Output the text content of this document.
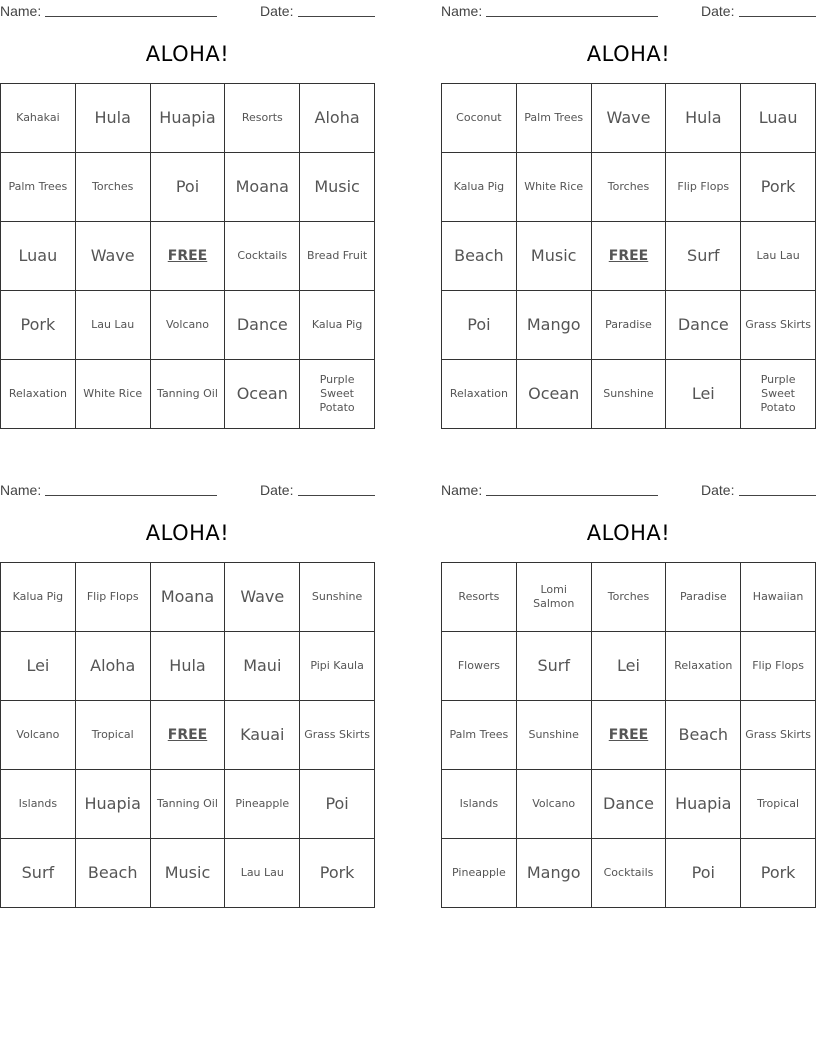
Name:	Date:
ALOHA!
Kahakai	Hula	Huapia	Resorts	Aloha
Palm Trees	Torches	Poi	Moana	Music
Luau	Wave	FREE	Cocktails	Bread Fruit
Pork	Lau Lau	Volcano	Dance	Kalua Pig
Relaxation	White Rice	Tanning Oil	Ocean	Purple Sweet Potato
Name:	Date:
ALOHA!
Coconut	Palm Trees	Wave	Hula	Luau
Kalua Pig	White Rice	Torches	Flip Flops	Pork
Beach	Music	FREE	Surf	Lau Lau
Poi	Mango	Paradise	Dance	Grass Skirts
Relaxation	Ocean	Sunshine	Lei	Purple Sweet Potato
Name:	Date:
ALOHA!
Kalua Pig	Flip Flops	Moana	Wave	Sunshine
Lei	Aloha	Hula	Maui	Pipi Kaula
Volcano	Tropical	FREE	Kauai	Grass Skirts
Islands	Huapia	Tanning Oil	Pineapple	Poi
Surf	Beach	Music	Lau Lau	Pork
Name:	Date:
ALOHA!
Resorts	Lomi Salmon	Torches	Paradise	Hawaiian
Flowers	Surf	Lei	Relaxation	Flip Flops
Palm Trees	Sunshine	FREE	Beach	Grass Skirts
Islands	Volcano	Dance	Huapia	Tropical
Pineapple	Mango	Cocktails	Poi	Pork
